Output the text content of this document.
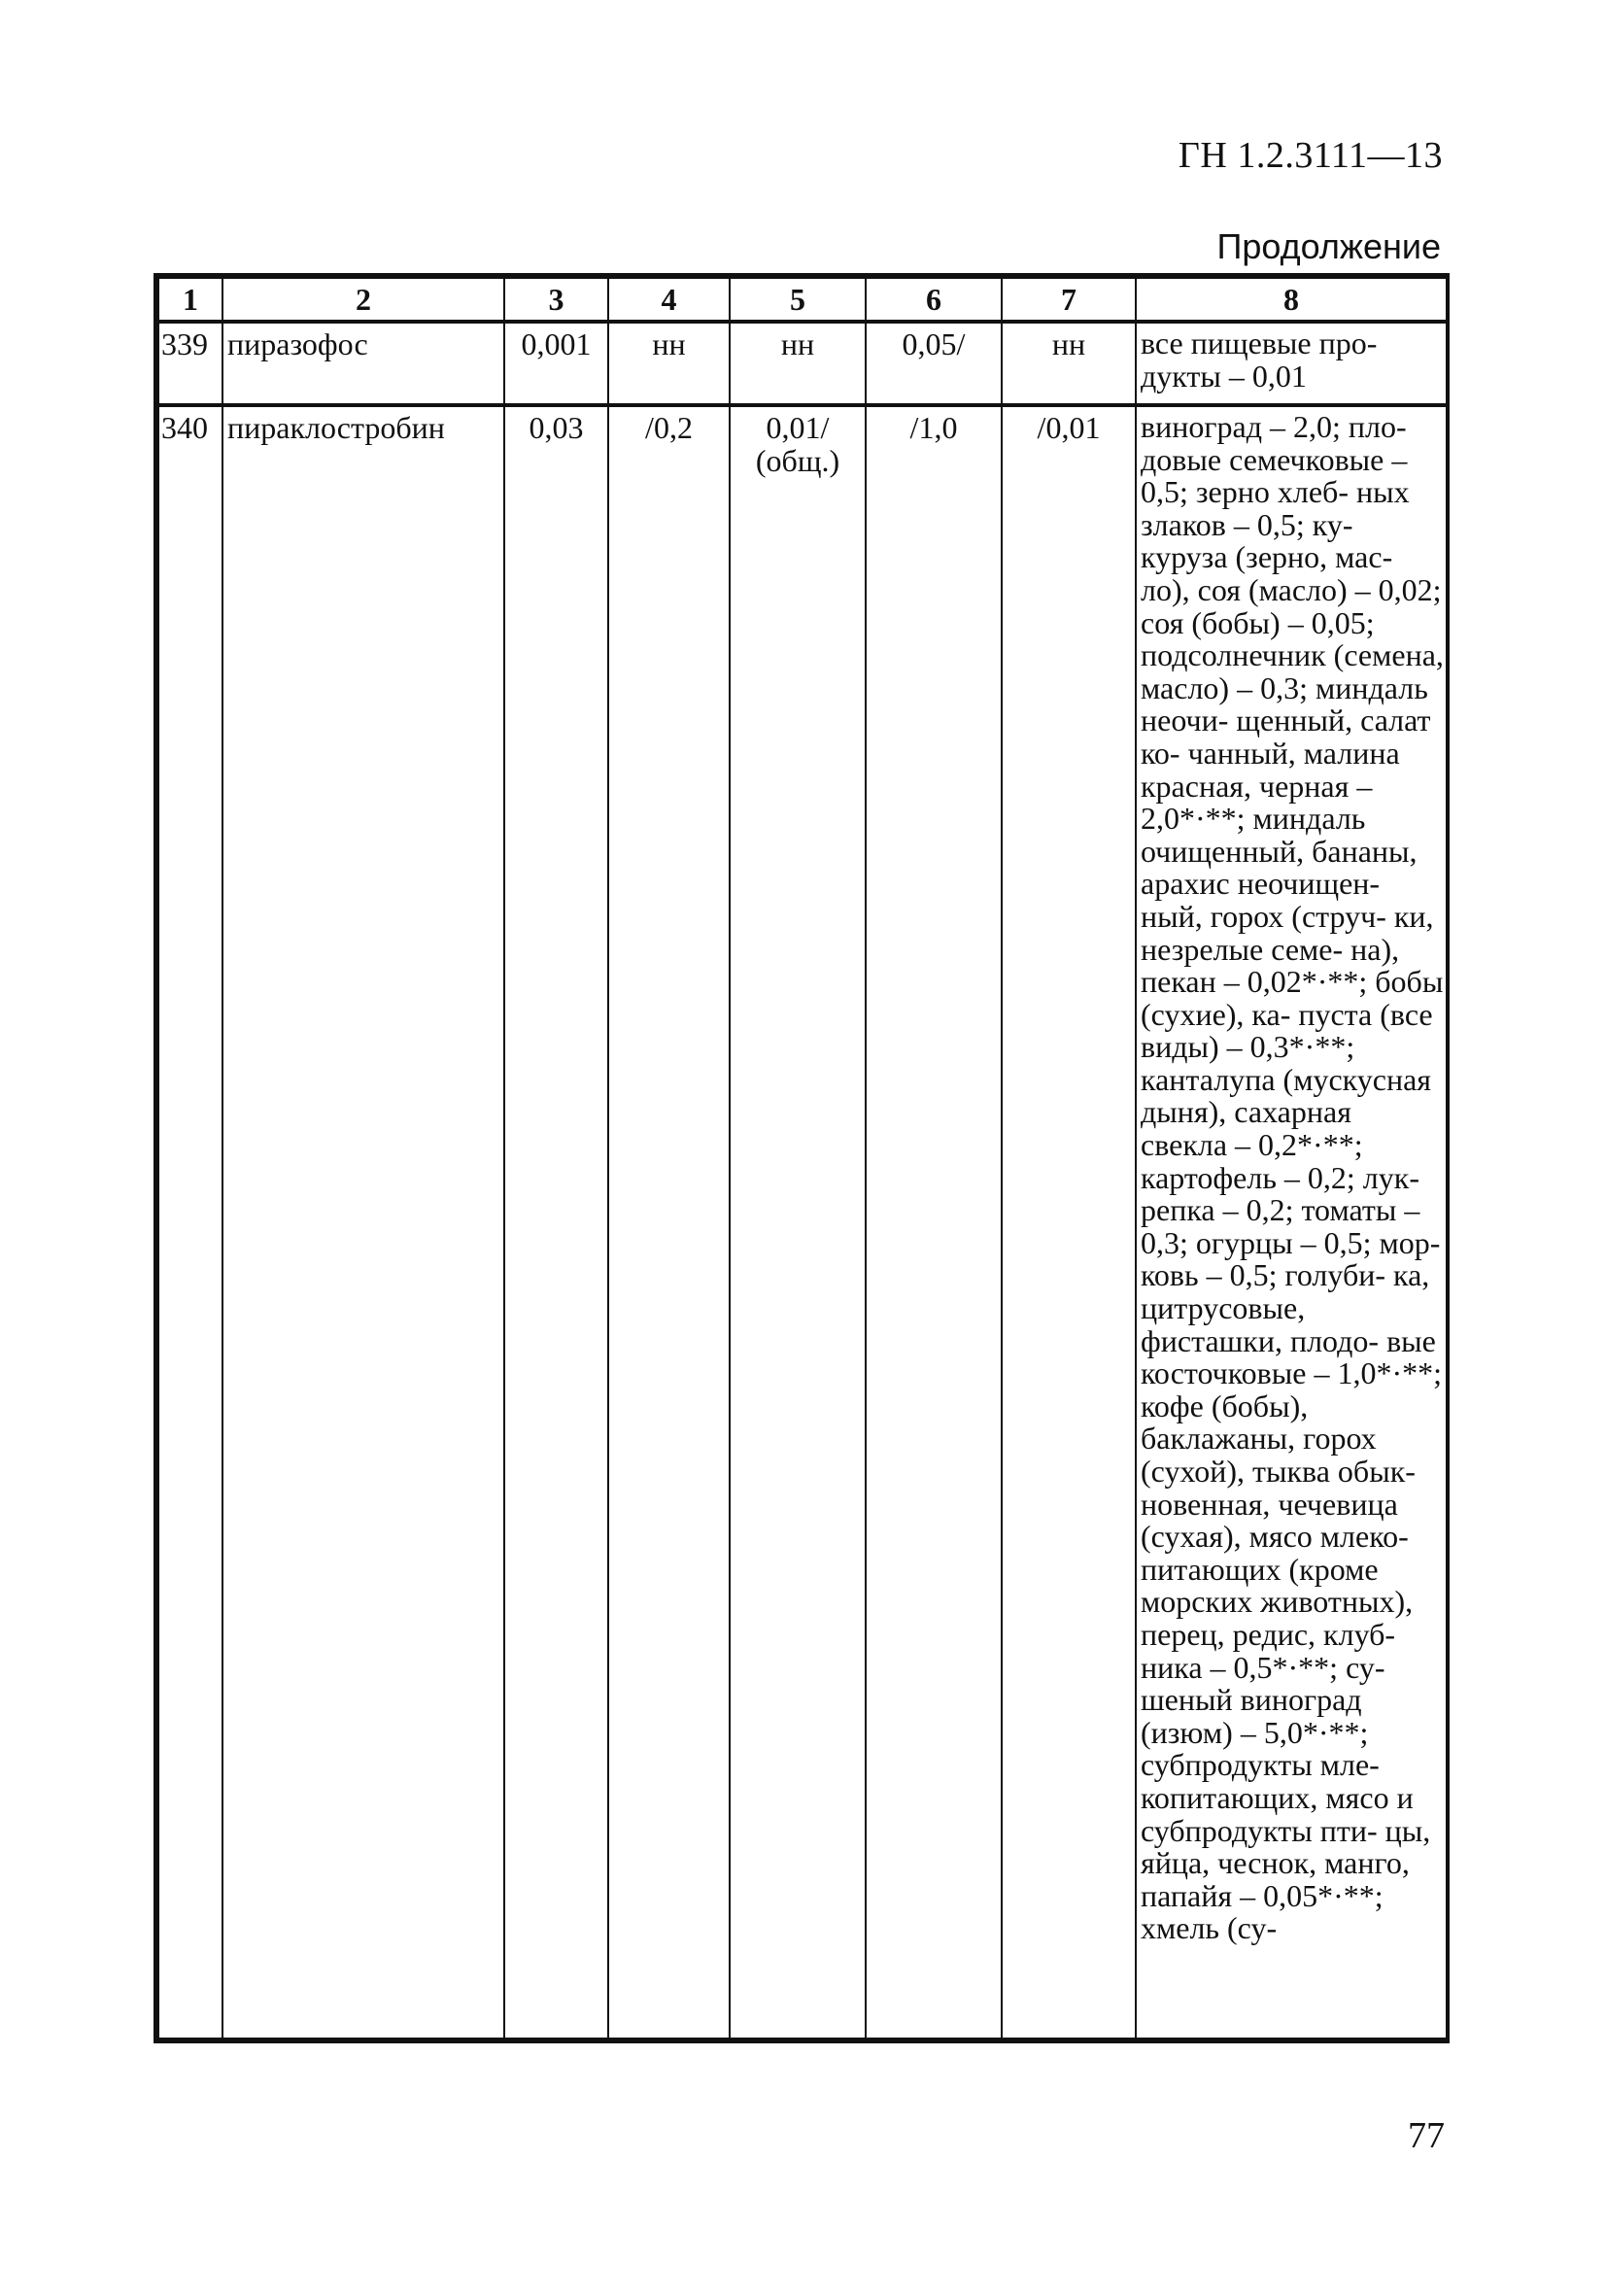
ГН 1.2.3111—13
Продолжение
1	2	3	4	5	6	7	8
339	пиразофос	0,001	нн	нн	0,05/	нн	все пищевые про- дукты – 0,01
340	пираклостробин	0,03	/0,2	0,01/ (общ.)	/1,0	/0,01	виноград – 2,0; пло- довые семечковые – 0,5; зерно хлеб- ных злаков – 0,5; ку- куруза (зерно, мас- ло), соя (масло) – 0,02; соя (бобы) – 0,05; подсолнечник (семена, масло) – 0,3; миндаль неочи- щенный, салат ко- чанный, малина красная, черная – 2,0*·**; миндаль очищенный, бананы, арахис неочищен- ный, горох (струч- ки, незрелые семе- на), пекан – 0,02*·**; бобы (сухие), ка- пуста (все виды) – 0,3*·**; канталупа (мускусная дыня), сахарная свекла – 0,2*·**; картофель – 0,2; лук-репка – 0,2; томаты – 0,3; огурцы – 0,5; мор- ковь – 0,5; голуби- ка, цитрусовые, фисташки, плодо- вые косточковые – 1,0*·**; кофе (бобы), баклажаны, горох (сухой), тыква обык- новенная, чечевица (сухая), мясо млеко- питающих (кроме морских животных), перец, редис, клуб- ника – 0,5*·**; су- шеный виноград (изюм) – 5,0*·**; субпродукты мле- копитающих, мясо и субпродукты пти- цы, яйца, чеснок, манго, папайя – 0,05*·**; хмель (су-
77
